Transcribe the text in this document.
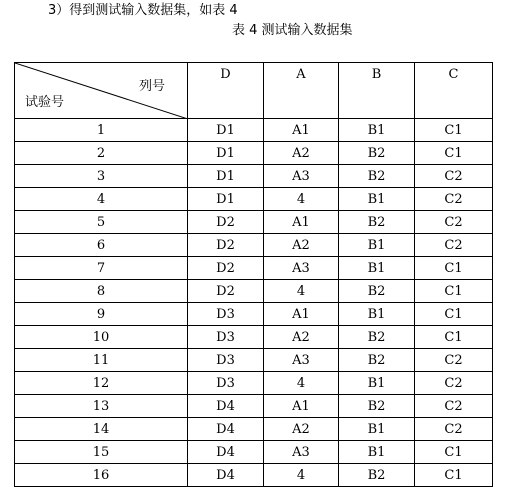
3）得到测试输入数据集，如表 4
表 4 测试输入数据集
列号
试验号	D	A	B	C
1	D1	A1	B1	C1
2	D1	A2	B2	C1
3	D1	A3	B2	C2
4	D1	4	B1	C2
5	D2	A1	B2	C2
6	D2	A2	B1	C2
7	D2	A3	B1	C1
8	D2	4	B2	C1
9	D3	A1	B1	C1
10	D3	A2	B2	C1
11	D3	A3	B2	C2
12	D3	4	B1	C2
13	D4	A1	B2	C2
14	D4	A2	B1	C2
15	D4	A3	B1	C1
16	D4	4	B2	C1
